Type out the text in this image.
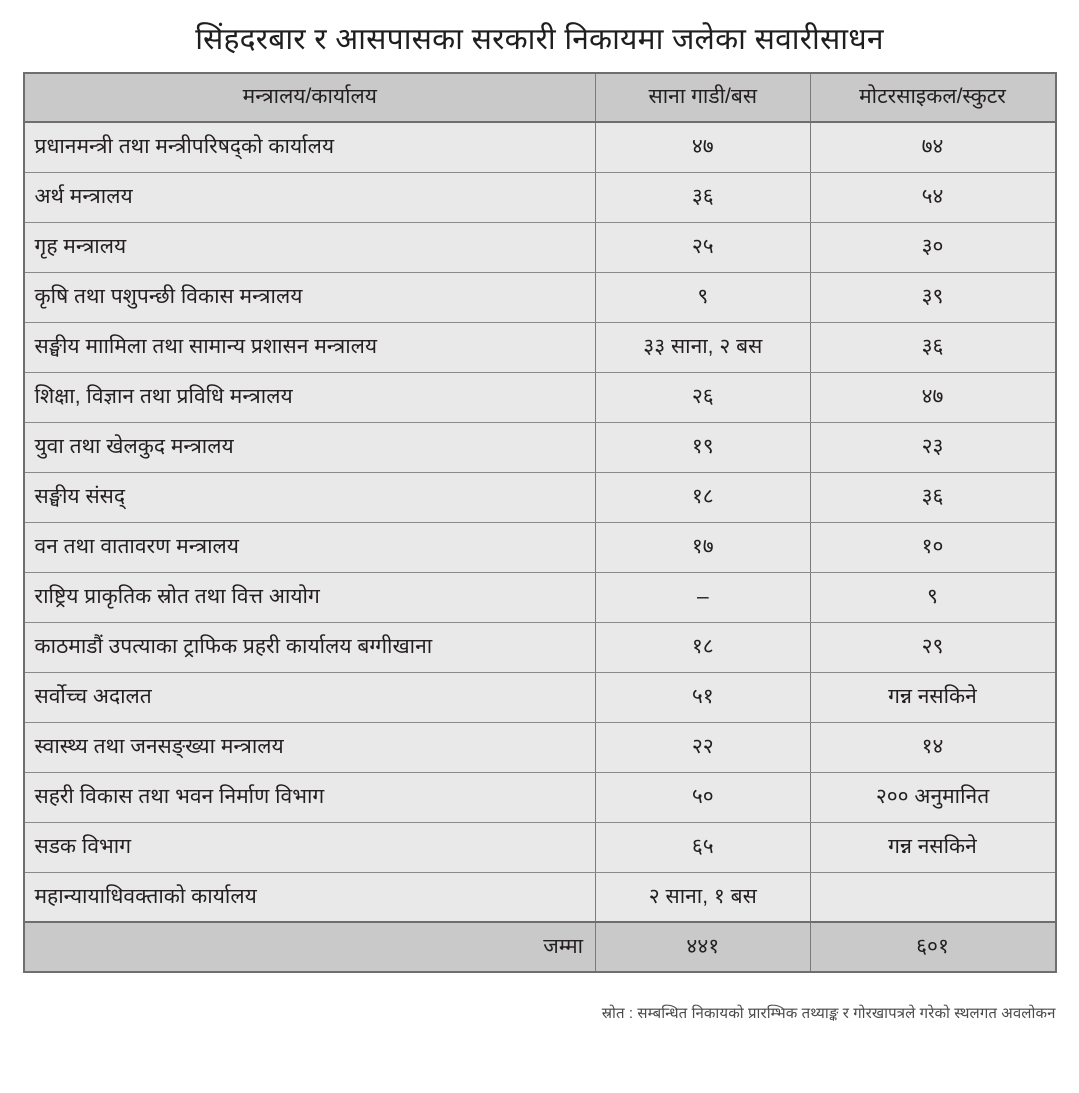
सिंहदरबार र आसपासका सरकारी निकायमा जलेका सवारीसाधन
मन्त्रालय/कार्यालय	साना गाडी/बस	मोटरसाइकल/स्कुटर
प्रधानमन्त्री तथा मन्त्रीपरिषद्को कार्यालय	४७	७४
अर्थ मन्त्रालय	३६	५४
गृह मन्त्रालय	२५	३०
कृषि तथा पशुपन्छी विकास मन्त्रालय	९	३९
सङ्घीय माामिला तथा सामान्य प्रशासन मन्त्रालय	३३ साना, २ बस	३६
शिक्षा, विज्ञान तथा प्रविधि मन्त्रालय	२६	४७
युवा तथा खेलकुद मन्त्रालय	१९	२३
सङ्घीय संसद्	१८	३६
वन तथा वातावरण मन्त्रालय	१७	१०
राष्ट्रिय प्राकृतिक स्रोत तथा वित्त आयोग	–	९
काठमाडौं उपत्याका ट्राफिक प्रहरी कार्यालय बग्गीखाना	१८	२९
सर्वोच्च अदालत	५१	गन्न नसकिने
स्वास्थ्य तथा जनसङ्ख्या मन्त्रालय	२२	१४
सहरी विकास तथा भवन निर्माण विभाग	५०	२०० अनुमानित
सडक विभाग	६५	गन्न नसकिने
महान्यायाधिवक्ताको कार्यालय	२ साना, १ बस	
जम्मा	४४१	६०१
स्रोत : सम्बन्धित निकायको प्रारम्भिक तथ्याङ्क र गोरखापत्रले गरेको स्थलगत अवलोकन
